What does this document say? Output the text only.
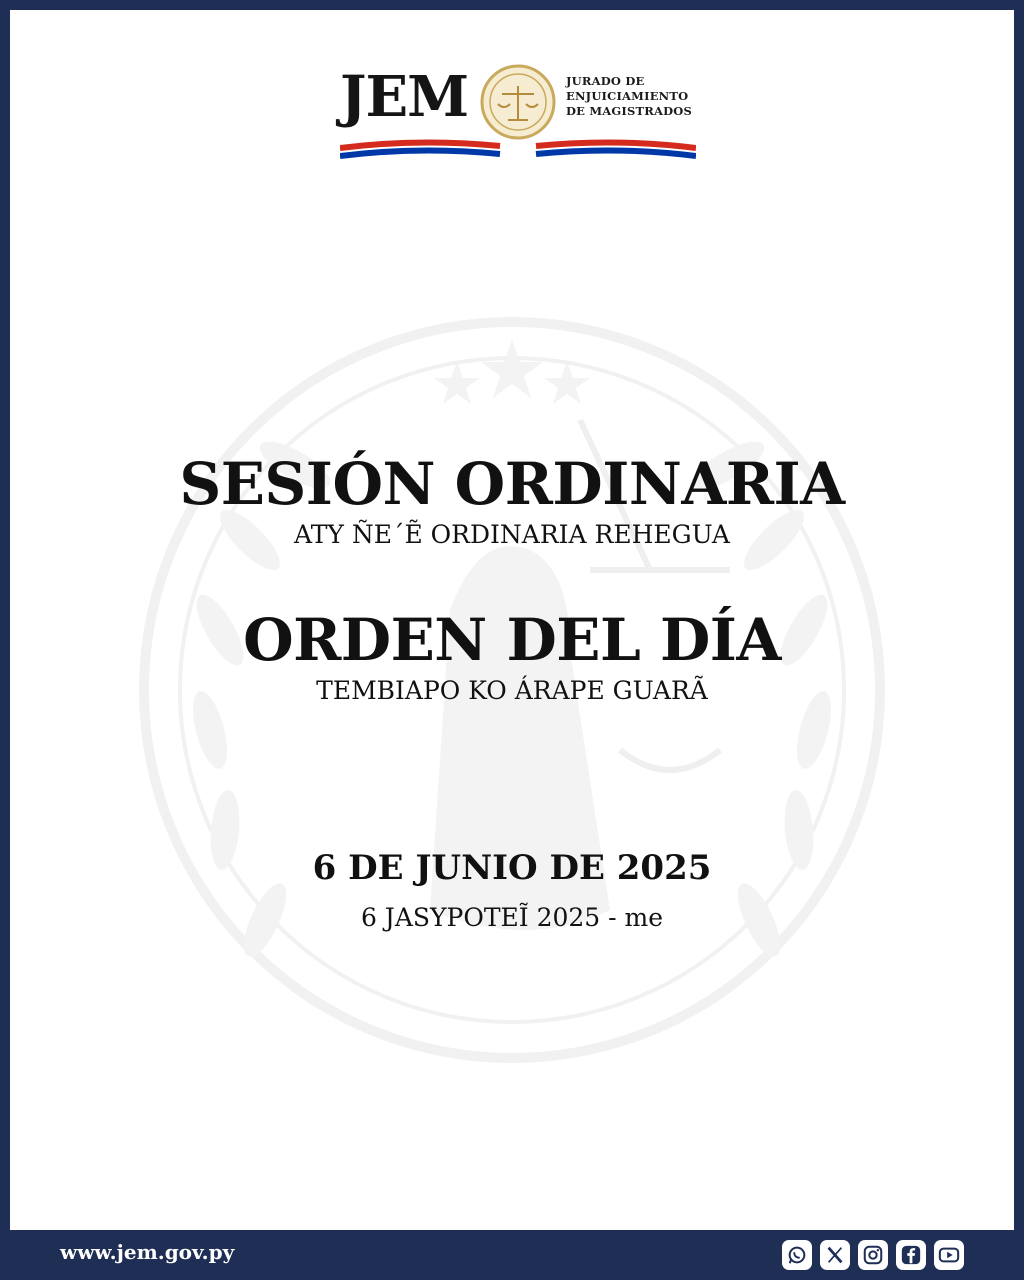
JEM	JURADO DE
ENJUICIAMIENTO
DE MAGISTRADOS
SESIÓN ORDINARIA
ATY ÑE´Ẽ ORDINARIA REHEGUA
ORDEN DEL DÍA
TEMBIAPO KO ÁRAPE GUARÃ
6 DE JUNIO DE 2025
6 JASYPOTEĨ 2025 - me
www.jem.gov.py
